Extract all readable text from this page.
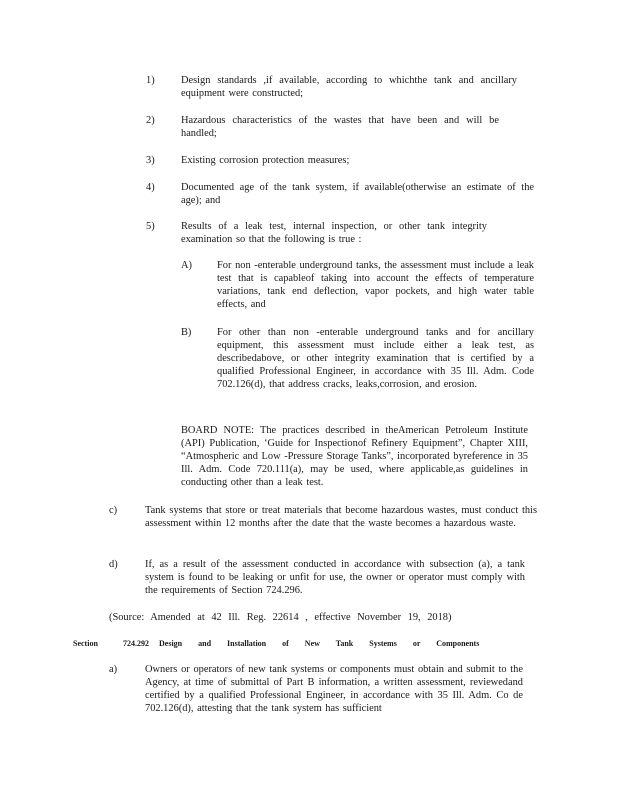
1)	Design standards ,if available, according to whichthe tank and ancillary equipment were constructed;
2)	Hazardous characteristics of the wastes that have been and will be handled;
3)	Existing corrosion protection measures;
4)	Documented age of the tank system, if available(otherwise an estimate of the age); and
5)	Results of a leak test, internal inspection, or other tank integrity examination so that the following is true :
A) For non -enterable underground tanks, the assessment must include a leak test that is capableof taking into account the effects of temperature variations, tank end deflection, vapor pockets, and high water table effects, and
B) For other than non -enterable underground tanks and for ancillary equipment, this assessment must include either a leak test, as describedabove, or other integrity examination that is certified by a qualified Professional Engineer, in accordance with 35 Ill. Adm. Code 702.126(d), that address cracks, leaks,corrosion, and erosion.
BOARD NOTE: The practices described in theAmerican Petroleum Institute (API) Publication, ‘Guide for Inspectionof Refinery Equipment”, Chapter XIII, “Atmospheric and Low -Pressure Storage Tanks”, incorporated byreference in 35 Ill. Adm. Code 720.111(a), may be used, where applicable,as guidelines in conducting other than a leak test.
c)	Tank systems that store or treat materials that become hazardous wastes, must conduct this assessment within 12 months after the date that the waste becomes a hazardous waste.
d)	If, as a result of the assessment conducted in accordance with subsection (a), a tank system is found to be leaking or unfit for use, the owner or operator must comply with the requirements of Section 724.296.
(Source: Amended at 42 Ill. Reg. 22614 , effective November 19, 2018)
Section	724.292 Design and Installation of New Tank Systems or Components
a)	Owners or operators of new tank systems or components must obtain and submit to the Agency, at time of submittal of Part B information, a written assessment, reviewedand certified by a qualified Professional Engineer, in accordance with 35 Ill. Adm. Co de 702.126(d), attesting that the tank system has sufficient
